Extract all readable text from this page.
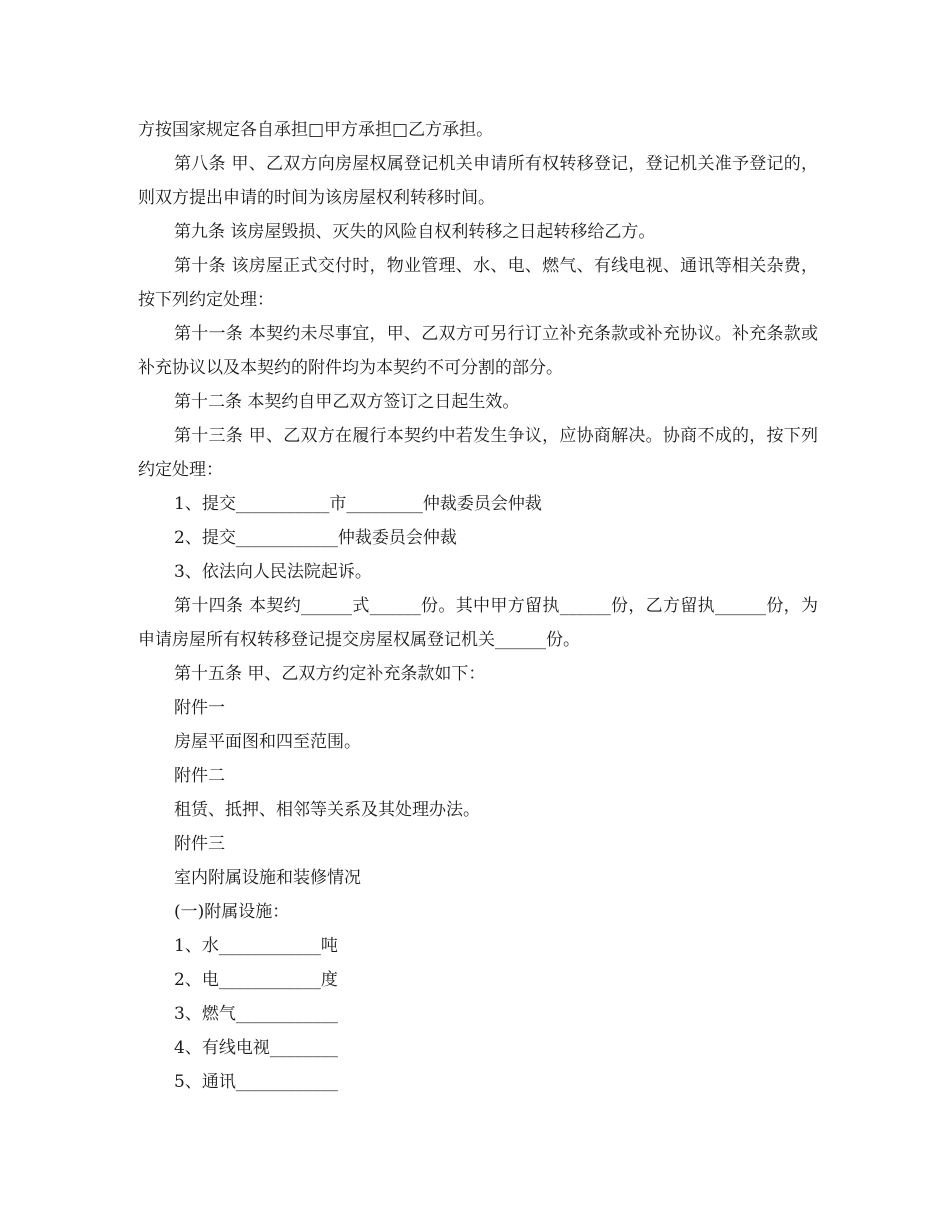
方按国家规定各自承担□甲方承担□乙方承担。

第八条 甲、乙双方向房屋权属登记机关申请所有权转移登记，登记机关准予登记的，则双方提出申请的时间为该房屋权利转移时间。

第九条 该房屋毁损、灭失的风险自权利转移之日起转移给乙方。

第十条 该房屋正式交付时，物业管理、水、电、燃气、有线电视、通讯等相关杂费，按下列约定处理：

第十一条 本契约未尽事宜，甲、乙双方可另行订立补充条款或补充协议。补充条款或补充协议以及本契约的附件均为本契约不可分割的部分。

第十二条 本契约自甲乙双方签订之日起生效。

第十三条 甲、乙双方在履行本契约中若发生争议，应协商解决。协商不成的，按下列约定处理：

1、提交___________市_________仲裁委员会仲裁

2、提交____________仲裁委员会仲裁

3、依法向人民法院起诉。

第十四条 本契约______式______份。其中甲方留执______份，乙方留执______份，为申请房屋所有权转移登记提交房屋权属登记机关______份。

第十五条 甲、乙双方约定补充条款如下：

附件一

房屋平面图和四至范围。

附件二

租赁、抵押、相邻等关系及其处理办法。

附件三

室内附属设施和装修情况

(一)附属设施：

1、水____________吨

2、电____________度

3、燃气____________

4、有线电视________

5、通讯____________
